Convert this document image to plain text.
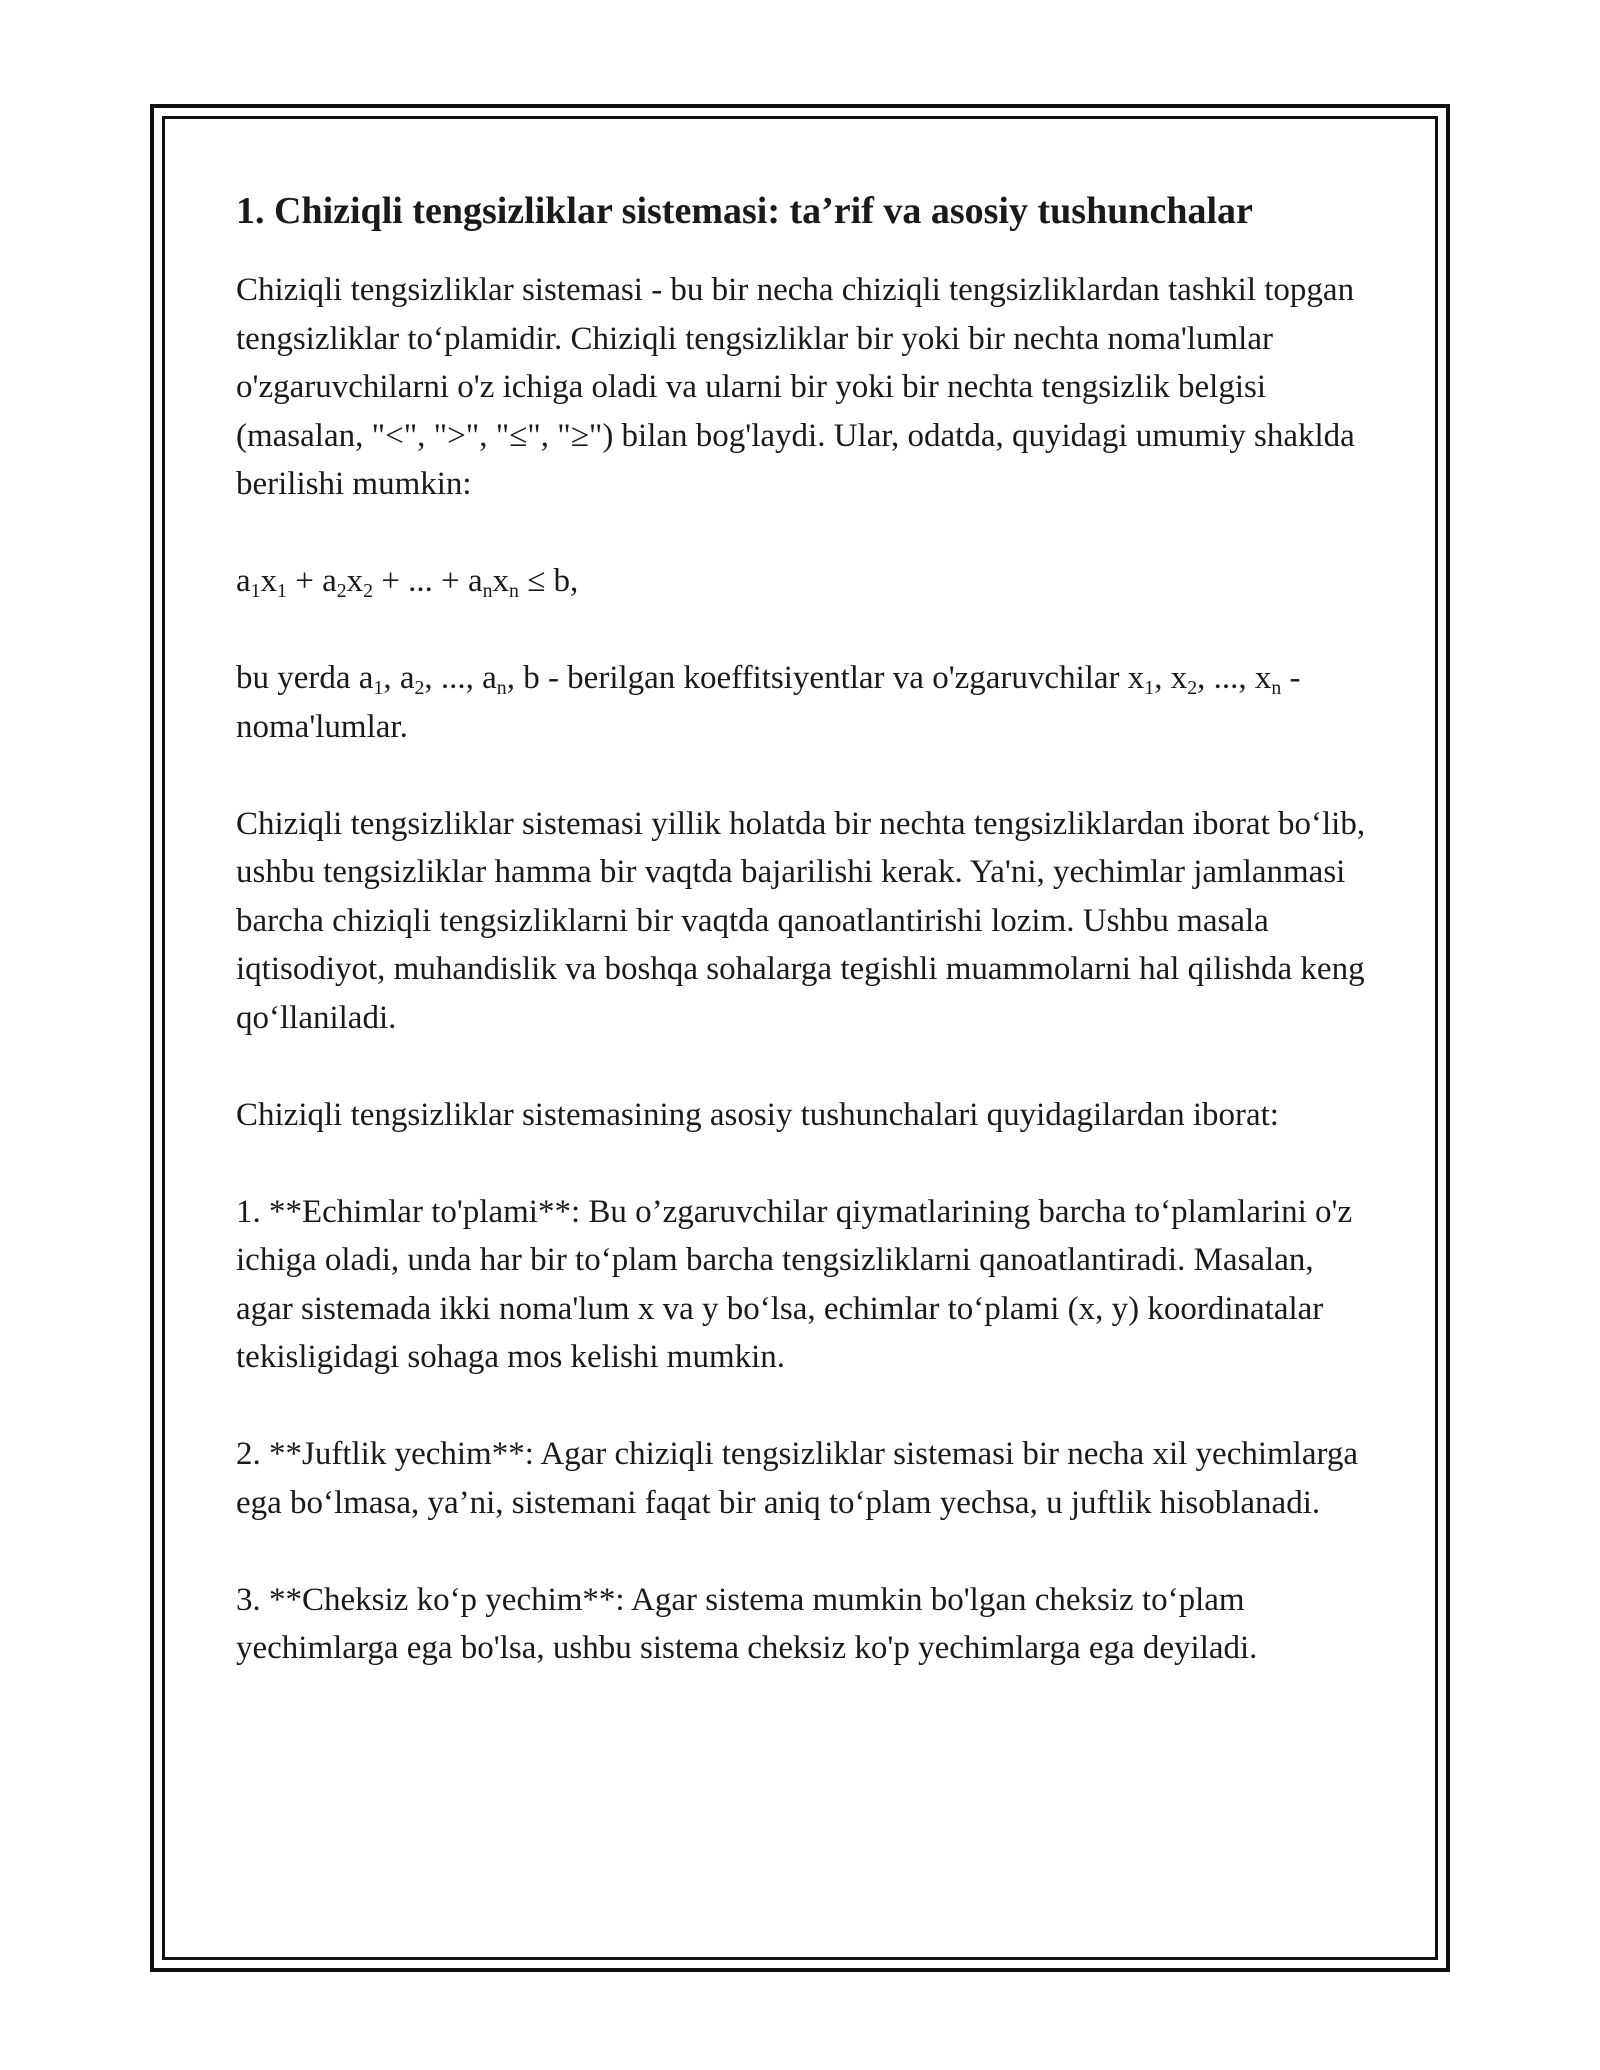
1. Chiziqli tengsizliklar sistemasi: ta’rif va asosiy tushunchalar

Chiziqli tengsizliklar sistemasi - bu bir necha chiziqli tengsizliklardan tashkil topgan tengsizliklar to‘plamidir. Chiziqli tengsizliklar bir yoki bir nechta noma'lumlar o'zgaruvchilarni o'z ichiga oladi va ularni bir yoki bir nechta tengsizlik belgisi (masalan, "<", ">", "≤", "≥") bilan bog'laydi. Ular, odatda, quyidagi umumiy shaklda berilishi mumkin:

$a_1x_1 + a_2x_2$ + ... + $a_nx_n \le b$,

bu yerda $a_1$, $a_2$, ..., $a_n$, b - berilgan koeffitsiyentlar va o'zgaruvchilar $x_1$, $x_2$, ..., $x_n$ - noma'lumlar.

Chiziqli tengsizliklar sistemasi yillik holatda bir nechta tengsizliklardan iborat bo‘lib, ushbu tengsizliklar hamma bir vaqtda bajarilishi kerak. Ya'ni, yechimlar jamlanmasi barcha chiziqli tengsizliklarni bir vaqtda qanoatlantirishi lozim. Ushbu masala iqtisodiyot, muhandislik va boshqa sohalarga tegishli muammolarni hal qilishda keng qo‘llaniladi.

Chiziqli tengsizliklar sistemasining asosiy tushunchalari quyidagilardan iborat:

1. **Echimlar to'plami**: Bu o’zgaruvchilar qiymatlarining barcha to‘plamlarini o'z ichiga oladi, unda har bir to‘plam barcha tengsizliklarni qanoatlantiradi. Masalan, agar sistemada ikki noma'lum x va y bo‘lsa, echimlar to‘plami (x, y) koordinatalar tekisligidagi sohaga mos kelishi mumkin.

2. **Juftlik yechim**: Agar chiziqli tengsizliklar sistemasi bir necha xil yechimlarga ega bo‘lmasa, ya’ni, sistemani faqat bir aniq to‘plam yechsa, u juftlik hisoblanadi.

3. **Cheksiz ko‘p yechim**: Agar sistema mumkin bo'lgan cheksiz to‘plam yechimlarga ega bo'lsa, ushbu sistema cheksiz ko'p yechimlarga ega deyiladi.
